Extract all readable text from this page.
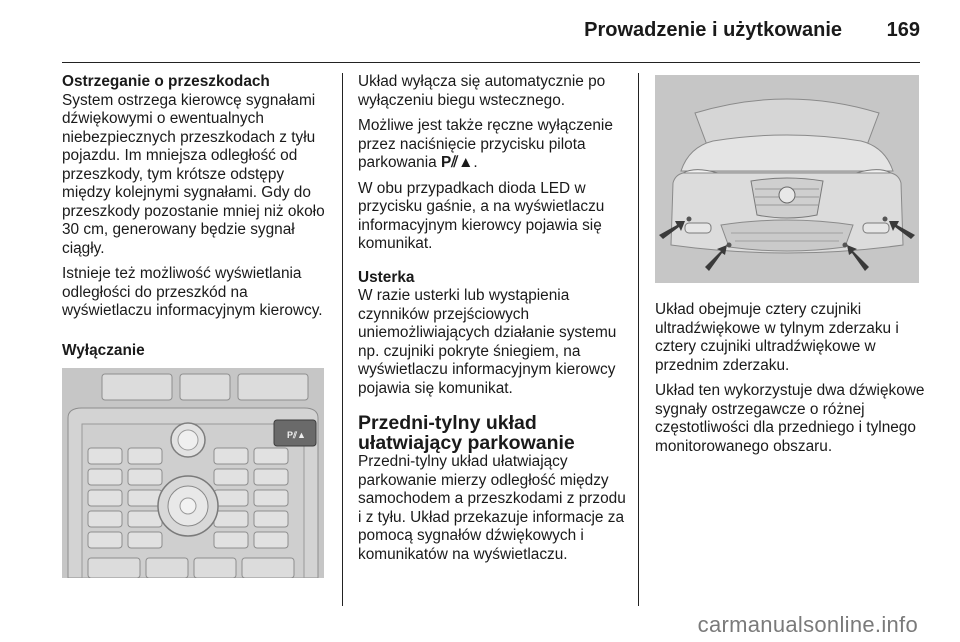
Prowadzenie i użytkowanie 169
Ostrzeganie o przeszkodach

System ostrzega kierowcę sygnałami dźwiękowymi o ewentualnych niebezpiecznych przeszkodach z tyłu pojazdu. Im mniejsza odległość od przeszkody, tym krótsze odstępy między kolejnymi sygnałami. Gdy do przeszkody pozostanie mniej niż około 30 cm, generowany będzie sygnał ciągły.

Istnieje też możliwość wyświetlania odległości do przeszkód na wyświetlaczu informacyjnym kierowcy.

Wyłączanie
P⫽▲

Układ wyłącza się automatycznie po wyłączeniu biegu wstecznego.

Możliwe jest także ręczne wyłączenie przez naciśnięcie przycisku pilota parkowania P⫽▲.

W obu przypadkach dioda LED w przycisku gaśnie, a na wyświetlaczu informacyjnym kierowcy pojawia się komunikat.

Usterka

W razie usterki lub wystąpienia czynników przejściowych uniemożliwiających działanie systemu np. czujniki pokryte śniegiem, na wyświetlaczu informacyjnym kierowcy pojawia się komunikat.

Przedni-tylny układ ułatwiający parkowanie

Przedni-tylny układ ułatwiający parkowanie mierzy odległość między samochodem a przeszkodami z przodu i z tyłu. Układ przekazuje informacje za pomocą sygnałów dźwiękowych i komunikatów na wyświetlaczu.

Układ obejmuje cztery czujniki ultradźwiękowe w tylnym zderzaku i cztery czujniki ultradźwiękowe w przednim zderzaku.

Układ ten wykorzystuje dwa dźwiękowe sygnały ostrzegawcze o różnej częstotliwości dla przedniego i tylnego monitorowanego obszaru.

carmanualsonline.info
